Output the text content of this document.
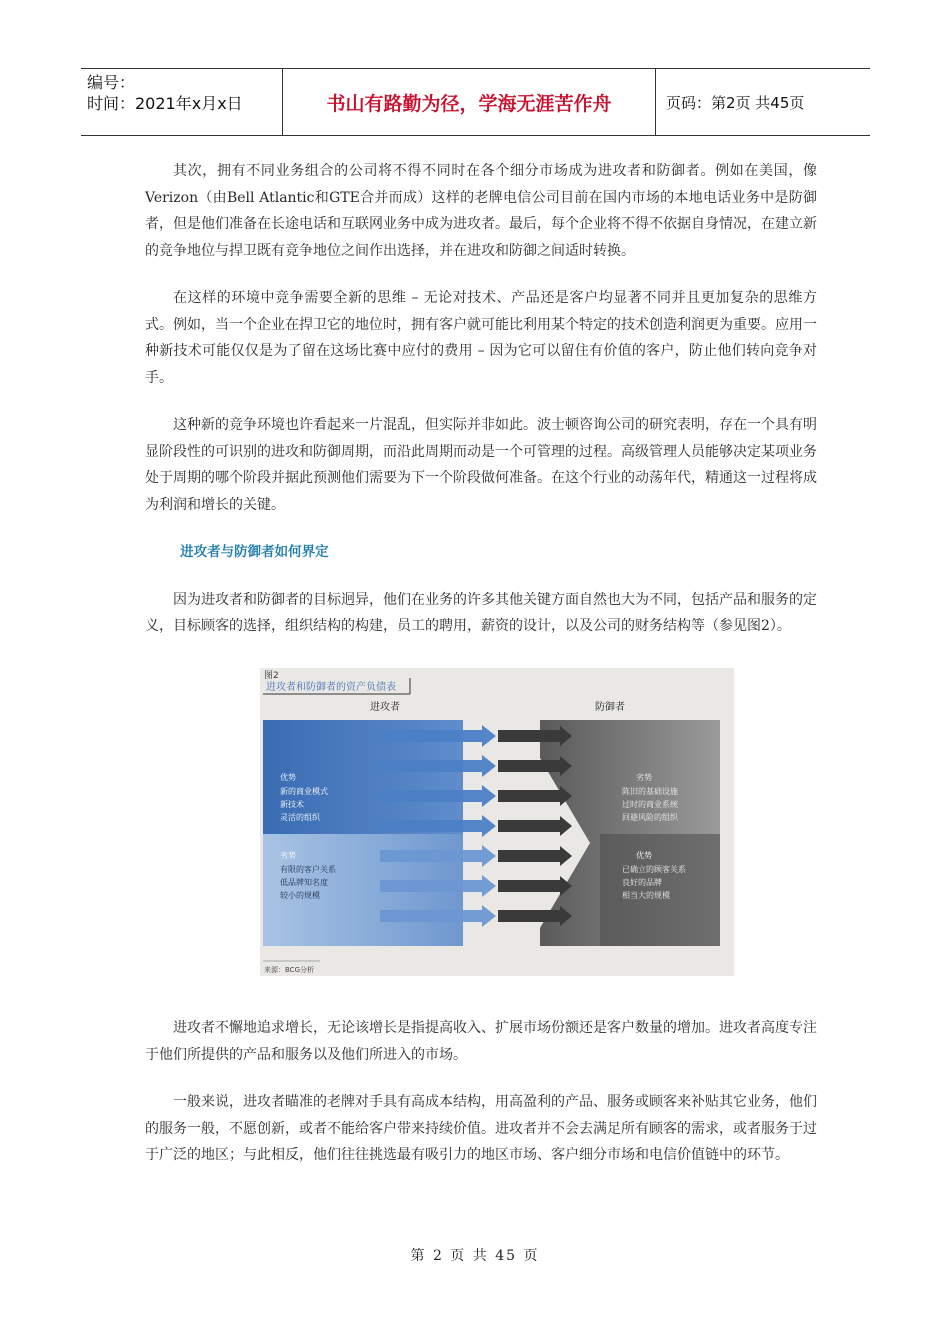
编号：
时间：2021年x月x日	书山有路勤为径，学海无涯苦作舟	页码：第2页 共45页

其次，拥有不同业务组合的公司将不得不同时在各个细分市场成为进攻者和防御者。例如在美国，像Verizon（由Bell Atlantic和GTE合并而成）这样的老牌电信公司目前在国内市场的本地电话业务中是防御者，但是他们准备在长途电话和互联网业务中成为进攻者。最后，每个企业将不得不依据自身情况，在建立新的竞争地位与捍卫既有竞争地位之间作出选择，并在进攻和防御之间适时转换。

在这样的环境中竞争需要全新的思维 – 无论对技术、产品还是客户均显著不同并且更加复杂的思维方式。例如，当一个企业在捍卫它的地位时，拥有客户就可能比利用某个特定的技术创造利润更为重要。应用一种新技术可能仅仅是为了留在这场比赛中应付的费用 – 因为它可以留住有价值的客户，防止他们转向竞争对手。

这种新的竞争环境也许看起来一片混乱，但实际并非如此。波士顿咨询公司的研究表明，存在一个具有明显阶段性的可识别的进攻和防御周期，而沿此周期而动是一个可管理的过程。高级管理人员能够决定某项业务处于周期的哪个阶段并据此预测他们需要为下一个阶段做何准备。在这个行业的动荡年代，精通这一过程将成为利润和增长的关键。

进攻者与防御者如何界定

因为进攻者和防御者的目标迥异，他们在业务的许多其他关键方面自然也大为不同，包括产品和服务的定义，目标顾客的选择，组织结构的构建，员工的聘用，薪资的设计，以及公司的财务结构等（参见图2）。

图2
进攻者和防御者的资产负债表
进攻者	防御者
优势
新的商业模式
新技术
灵活的组织
劣势
有限的客户关系
低品牌知名度
较小的规模
劣势
陈旧的基础设施
过时的商业系统
回避风险的组织
优势
已确立的顾客关系
良好的品牌
相当大的规模
来源：BCG分析

进攻者不懈地追求增长，无论该增长是指提高收入、扩展市场份额还是客户数量的增加。进攻者高度专注于他们所提供的产品和服务以及他们所进入的市场。

一般来说，进攻者瞄准的老牌对手具有高成本结构，用高盈利的产品、服务或顾客来补贴其它业务，他们的服务一般，不愿创新，或者不能给客户带来持续价值。进攻者并不会去满足所有顾客的需求，或者服务于过于广泛的地区；与此相反，他们往往挑选最有吸引力的地区市场、客户细分市场和电信价值链中的环节。

第 2 页 共 45 页
